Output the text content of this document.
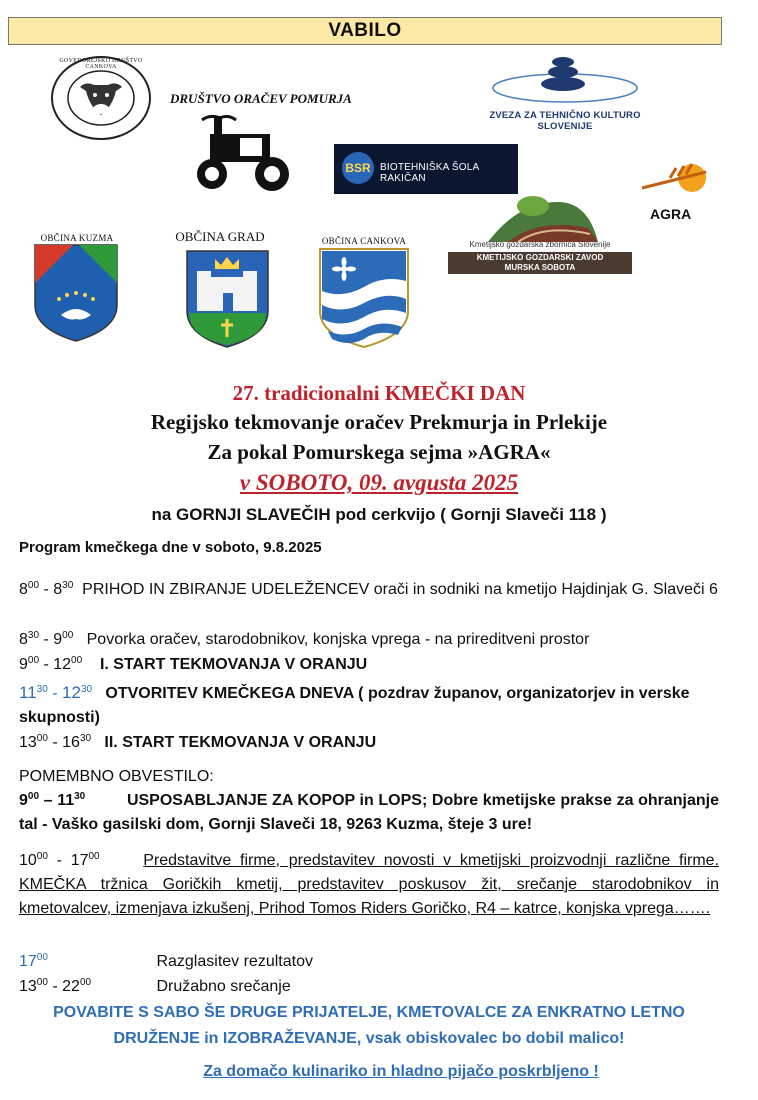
VABILO
GOVEDOREJSKO DRUŠTVO CANKOVA
DRUŠTVO ORAČEV POMURJA
ZVEZA ZA TEHNIČNO KULTURO SLOVENIJE
BSR BIOTEHNIŠKA ŠOLA RAKIČAN
AGRA
OBČINA KUZMA	OBČINA GRAD	OBČINA CANKOVA	Kmetijsko gozdarska zbornica Slovenije
KMETIJSKO GOZDARSKI ZAVOD
MURSKA SOBOTA
27. tradicionalni KMEČKI DAN
Regijsko tekmovanje oračev Prekmurja in Prlekije
Za pokal Pomurskega sejma »AGRA«
v SOBOTO, 09. avgusta 2025
na GORNJI SLAVEČIH pod cerkvijo ( Gornji Slaveči 118 )
Program kmečkega dne v soboto, 9.8.2025
$8^{00} - 8^{30}$ PRIHOD IN ZBIRANJE UDELEŽENCEV orači in sodniki na kmetijo Hajdinjak G. Slaveči 6
$8^{30} - 9^{00}$ Povorka oračev, starodobnikov, konjska vprega - na prireditveni prostor
$9^{00} - 12^{00}$ I. START TEKMOVANJA V ORANJU
$11^{30} - 12^{30}$ OTVORITEV KMEČKEGA DNEVA ( pozdrav županov, organizatorjev in verske skupnosti)
$13^{00} - 16^{30}$ II. START TEKMOVANJA V ORANJU
POMEMBNO OBVESTILO:
$9^{00} - 11^{30}$	USPOSABLJANJE ZA KOPOP in LOPS; Dobre kmetijske prakse za ohranjanje tal - Vaško gasilski dom, Gornji Slaveči 18, 9263 Kuzma, šteje 3 ure!
$10^{00} - 17^{00}$	Predstavitve firme, predstavitev novosti v kmetijski proizvodnji različne firme. KMEČKA tržnica Goričkih kmetij, predstavitev poskusov žit, srečanje starodobnikov in kmetovalcev, izmenjava izkušenj, Prihod Tomos Riders Goričko, R4 – katrce, konjska vprega…….
$17^{00}$	Razglasitev rezultatov
$13^{00} - 22^{00}$	Družabno srečanje
POVABITE S SABO ŠE DRUGE PRIJATELJE, KMETOVALCE ZA ENKRATNO LETNO
DRUŽENJE in IZOBRAŽEVANJE, vsak obiskovalec bo dobil malico!
Za domačo kulinariko in hladno pijačo poskrbljeno !
